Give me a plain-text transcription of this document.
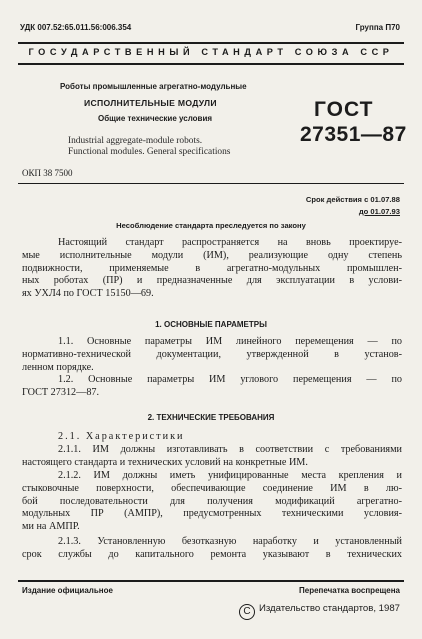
УДК 007.52:65.011.56:006.354	Группа П70
ГОСУДАРСТВЕННЫЙ СТАНДАРТ СОЮЗА ССР
Роботы промышленные агрегатно-модульные
ИСПОЛНИТЕЛЬНЫЕ МОДУЛИ
Общие технические условия
Industrial aggregate-module robots.
Functional modules. General specifications
ГОСТ
27351—87
ОКП 38 7500
Срок действия с 01.07.88
до 01.07.93
Несоблюдение стандарта преследуется по закону
Настоящий стандарт распространяется на вновь проектируе-
мые исполнительные модули (ИМ), реализующие одну степень
подвижности, применяемые в агрегатно-модульных промышлен-
ных роботах (ПР) и предназначенные для эксплуатации в услови-
ях УХЛ4 по ГОСТ 15150—69.
1. ОСНОВНЫЕ ПАРАМЕТРЫ
1.1. Основные параметры ИМ линейного перемещения — по
нормативно-технической документации, утвержденной в установ-
ленном порядке.
1.2. Основные параметры ИМ углового перемещения — по
ГОСТ 27312—87.
2. ТЕХНИЧЕСКИЕ ТРЕБОВАНИЯ
2.1. Характеристики
2.1.1. ИМ должны изготавливать в соответствии с требованиями
настоящего стандарта и технических условий на конкретные ИМ.
2.1.2. ИМ должны иметь унифицированные места крепления и
стыковочные поверхности, обеспечивающие соединение ИМ в лю-
бой последовательности для получения модификаций агрегатно-
модульных ПР (АМПР), предусмотренных техническими условия-
ми на АМПР.
2.1.3. Установленную безотказную наработку и установленный
срок службы до капитального ремонта указывают в технических
Издание официальное	Перепечатка воспрещена
C Издательство стандартов, 1987
